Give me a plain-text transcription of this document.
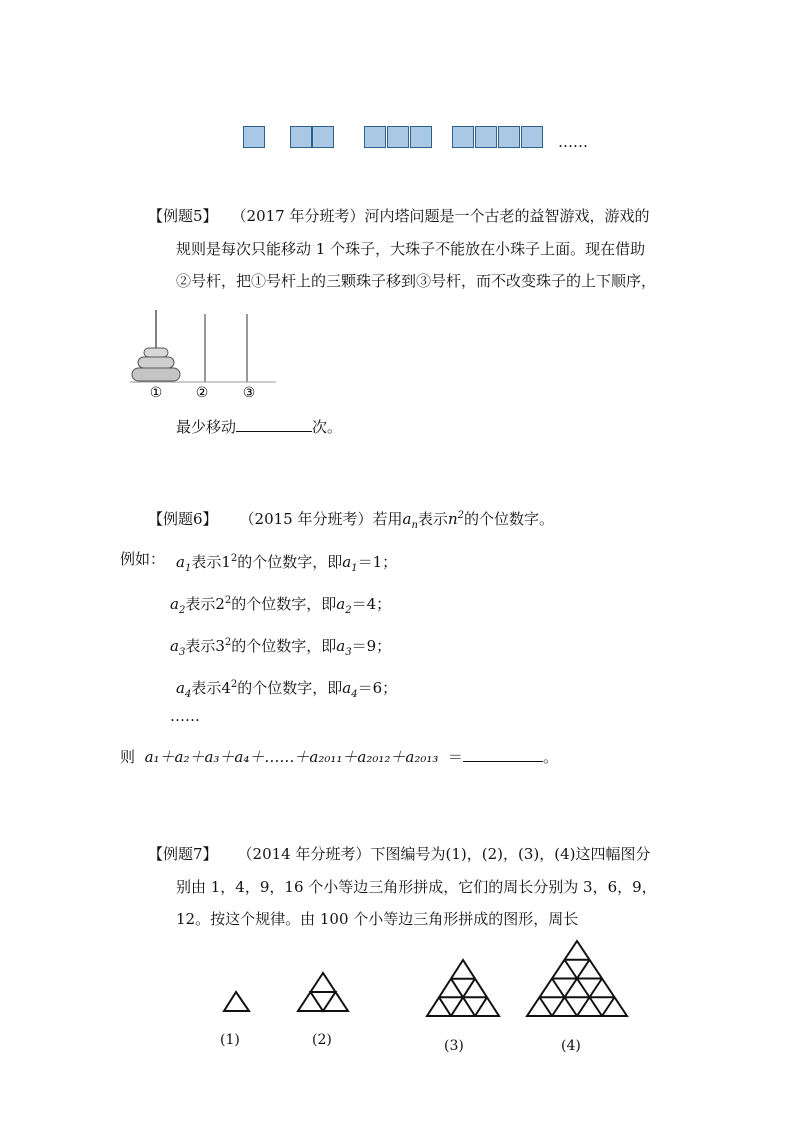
……
【例题5】 （2017 年分班考）河内塔问题是一个古老的益智游戏，游戏的
规则是每次只能移动 1 个珠子，大珠子不能放在小珠子上面。现在借助
②号杆，把①号杆上的三颗珠子移到③号杆，而不改变珠子的上下顺序，
① ② ③
最少移动	次。
【例题6】 （2015 年分班考）若用$a_n$表示$n^2$的个位数字。
例如： $a_1$表示$1^2$的个位数字，即$a_1=1$；
$a_2$表示$2^2$的个位数字，即$a_2=4$；
$a_3$表示$3^2$的个位数字，即$a_3=9$；
$a_4$表示$4^2$的个位数字，即$a_4=6$；
……
则 a₁＋a₂＋a₃＋a₄＋……＋a₂₀₁₁＋a₂₀₁₂＋a₂₀₁₃ ＝	。
【例题7】 （2014 年分班考）下图编号为(1)，(2)，(3)，(4)这四幅图分
别由 1，4，9，16 个小等边三角形拼成，它们的周长分别为 3，6，9，
12。按这个规律。由 100 个小等边三角形拼成的图形，周长
(1)	(2)	(3)	(4)
